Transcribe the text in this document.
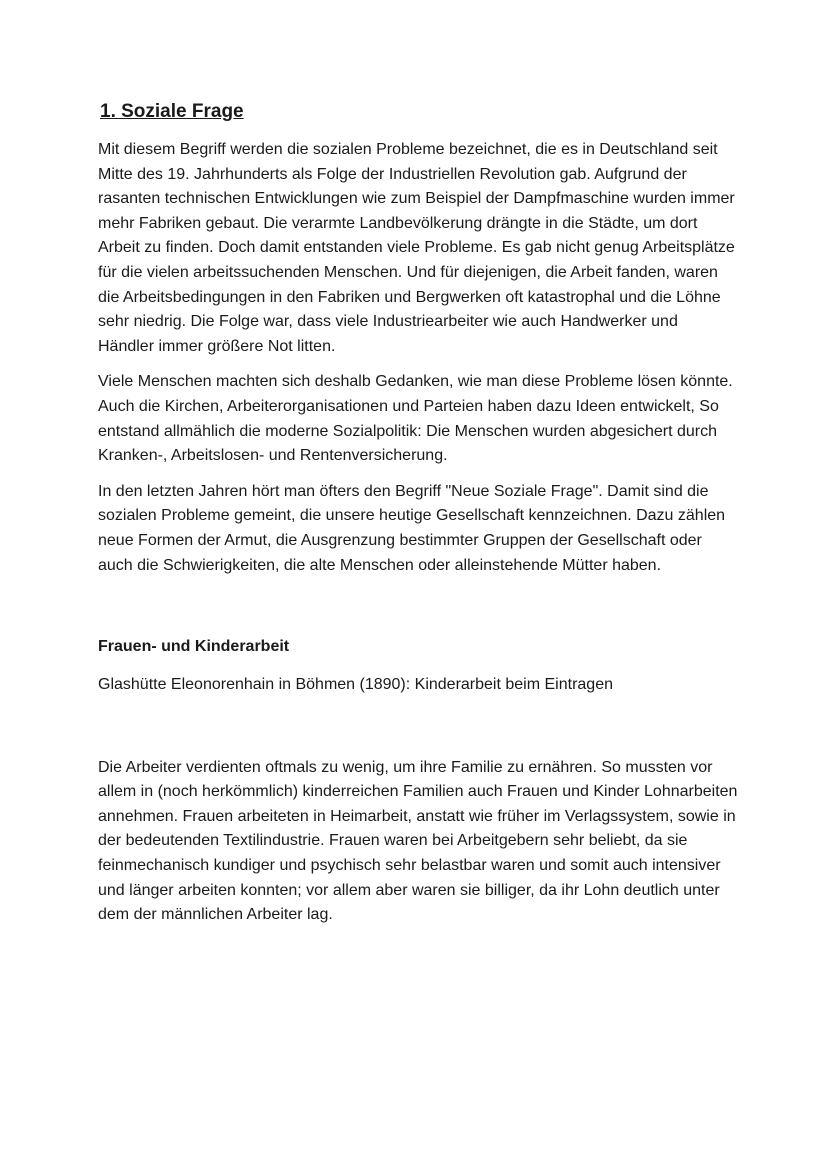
1. Soziale Frage

Mit diesem Begriff werden die sozialen Probleme bezeichnet, die es in Deutschland seit Mitte des 19. Jahrhunderts als Folge der Industriellen Revolution gab. Aufgrund der rasanten technischen Entwicklungen wie zum Beispiel der Dampfmaschine wurden immer mehr Fabriken gebaut. Die verarmte Landbevölkerung drängte in die Städte, um dort Arbeit zu finden. Doch damit entstanden viele Probleme. Es gab nicht genug Arbeitsplätze für die vielen arbeitssuchenden Menschen. Und für diejenigen, die Arbeit fanden, waren die Arbeitsbedingungen in den Fabriken und Bergwerken oft katastrophal und die Löhne sehr niedrig. Die Folge war, dass viele Industriearbeiter wie auch Handwerker und Händler immer größere Not litten.

Viele Menschen machten sich deshalb Gedanken, wie man diese Probleme lösen könnte. Auch die Kirchen, Arbeiterorganisationen und Parteien haben dazu Ideen entwickelt, So entstand allmählich die moderne Sozialpolitik: Die Menschen wurden abgesichert durch Kranken-, Arbeitslosen- und Rentenversicherung.

In den letzten Jahren hört man öfters den Begriff "Neue Soziale Frage". Damit sind die sozialen Probleme gemeint, die unsere heutige Gesellschaft kennzeichnen. Dazu zählen neue Formen der Armut, die Ausgrenzung bestimmter Gruppen der Gesellschaft oder auch die Schwierigkeiten, die alte Menschen oder alleinstehende Mütter haben.

Frauen- und Kinderarbeit

Glashütte Eleonorenhain in Böhmen (1890): Kinderarbeit beim Eintragen

Die Arbeiter verdienten oftmals zu wenig, um ihre Familie zu ernähren. So mussten vor allem in (noch herkömmlich) kinderreichen Familien auch Frauen und Kinder Lohnarbeiten annehmen. Frauen arbeiteten in Heimarbeit, anstatt wie früher im Verlagssystem, sowie in der bedeutenden Textilindustrie. Frauen waren bei Arbeitgebern sehr beliebt, da sie feinmechanisch kundiger und psychisch sehr belastbar waren und somit auch intensiver und länger arbeiten konnten; vor allem aber waren sie billiger, da ihr Lohn deutlich unter dem der männlichen Arbeiter lag.
